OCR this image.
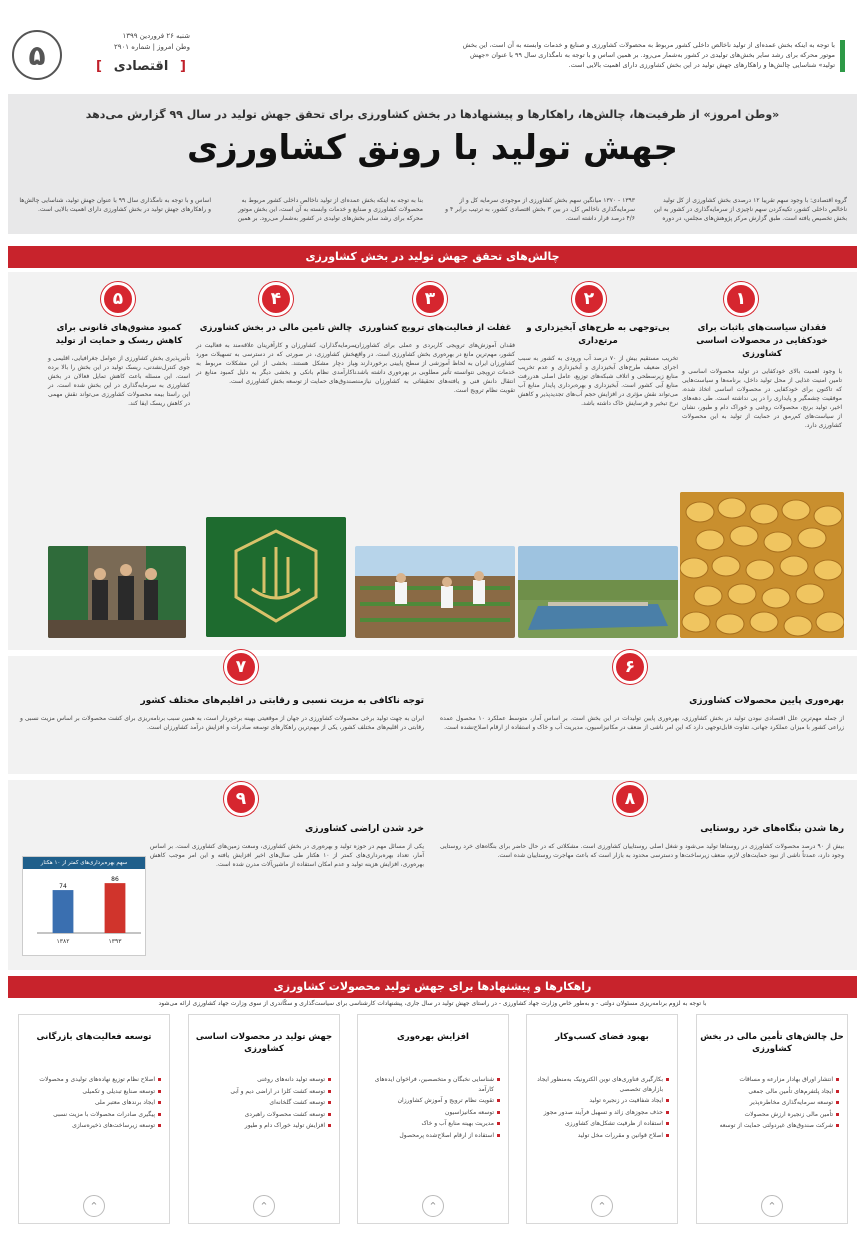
۵
شنبه ۲۶ فروردین ۱۳۹۹
وطن امروز | شماره ۲۹۰۱
[ اقتصادی ]
با توجه به اینکه بخش عمده‌ای از تولید ناخالص داخلی کشور مربوط به محصولات کشاورزی و صنایع و خدمات وابسته به آن است، این بخش موتور محرکه برای رشد سایر بخش‌های تولیدی در کشور به‌شمار می‌رود. بر همین اساس و با توجه به نامگذاری سال ۹۹ با عنوان «جهش تولید» شناسایی چالش‌ها و راهکارهای جهش تولید در این بخش کشاورزی دارای اهمیت بالایی است.
«وطن امروز» از ظرفیت‌ها، چالش‌ها، راهکارها و پیشنهادها در بخش کشاورزی برای تحقق جهش تولید در سال ۹۹ گزارش می‌دهد
جهش تولید با رونق کشاورزی
گروه اقتصادی: با وجود سهم تقریبا ۱۲ درصدی بخش کشاورزی از کل تولید ناخالص داخلی کشور، تکیه‌کردن سهم ناچیزی از سرمایه‌گذاری در کشور به این بخش تخصیص یافته است. طبق گزارش مرکز پژوهش‌های مجلس، در دوره
۱۳۹۳ - ۱۳۷۰ میانگین سهم بخش کشاورزی از موجودی سرمایه کل و از سرمایه‌گذاری ناخالص کل، در بین ۳ بخش اقتصادی کشور، به ترتیب برابر ۴ و ۴/۶ درصد قرار داشته است.
بنا به توجه به اینکه بخش عمده‌ای از تولید ناخالص داخلی کشور مربوط به محصولات کشاورزی و صنایع و خدمات وابسته به آن است، این بخش موتور محرکه برای رشد سایر بخش‌های تولیدی در کشور به‌شمار می‌رود. بر همین
اساس و با توجه به نامگذاری سال ۹۹ با عنوان جهش تولید، شناسایی چالش‌ها و راهکارهای جهش تولید در بخش کشاورزی دارای اهمیت بالایی است.
چالش‌های تحقق جهش تولید در بخش کشاورزی
۱
فقدان سیاست‌های باثبات برای خودکفایی در محصولات اساسی کشاورزی
با وجود اهمیت بالای خودکفایی در تولید محصولات اساسی و تامین امنیت غذایی از محل تولید داخل، برنامه‌ها و سیاست‌هایی که تاکنون برای خودکفایی در محصولات اساسی اتخاذ شده، موفقیت چشمگیر و پایداری را در پی نداشته است. طی دهه‌های اخیر، تولید برنج، محصولات روغنی و خوراک دام و طیور، نشان از سیاست‌های کم‌رمق در حمایت از تولید به این محصولات کشاورزی دارد.
۲
بی‌توجهی به طرح‌های آبخیزداری و مرتع‌داری
تخریب مستقیم بیش از ۷۰ درصد آب ورودی به کشور به سبب اجرای ضعیف طرح‌های آبخیزداری و آبخیزداری و عدم تخریب منابع زیرسطحی و اتلاف شبکه‌های توزیع، عامل اصلی هدررفت منابع آبی کشور است. آبخیزداری و بهره‌برداری پایدار منابع آب می‌تواند نقش مؤثری در افزایش حجم آب‌های تجدیدپذیر و کاهش نرخ تبخیر و فرسایش خاک داشته باشد.
۳
غفلت از فعالیت‌های ترویج کشاورزی
فقدان آموزش‌های ترویجی کاربردی و عملی برای کشاورزان کشور، مهم‌ترین مانع در بهره‌وری بخش کشاورزی است. در واقع کشاورزان ایران به لحاظ آموزشی از سطح پایینی برخوردارند و خدمات ترویجی نتوانسته تأثیر مطلوبی بر بهره‌وری داشته باشد. انتقال دانش فنی و یافته‌های تحقیقاتی به کشاورزان نیازمند تقویت نظام ترویج است.
۴
چالش تامین مالی در بخش کشاورزی
سرمایه‌گذاران، کشاورزان و کارآفرینان علاقه‌مند به فعالیت در بخش کشاورزی، در صورتی که در دسترسی به تسهیلات مورد نیاز دچار مشکل هستند. بخشی از این مشکلات مربوط به ناکارآمدی نظام بانکی و بخشی دیگر به دلیل کمبود منابع در صندوق‌های حمایت از توسعه بخش کشاورزی است.
۵
کمبود مشوق‌های قانونی برای کاهش ریسک و حمایت از تولید
تأثیرپذیری بخش کشاورزی از عوامل جغرافیایی، اقلیمی و جوی کنترل‌نشدنی، ریسک تولید در این بخش را بالا برده است. این مسئله باعث کاهش تمایل فعالان در بخش کشاورزی به سرمایه‌گذاری در این بخش شده است. در این راستا بیمه محصولات کشاورزی می‌تواند نقش مهمی در کاهش ریسک ایفا کند.
۶
بهره‌وری پایین محصولات کشاورزی
از جمله مهم‌ترین علل اقتصادی نبودن تولید در بخش کشاورزی، بهره‌وری پایین تولیدات در این بخش است. بر اساس آمار، متوسط عملکرد ۱۰ محصول عمده زراعی کشور با میزان عملکرد جهانی، تفاوت قابل‌توجهی دارد که این امر ناشی از ضعف در مکانیزاسیون، مدیریت آب و خاک و استفاده از ارقام اصلاح‌نشده است.
۷
توجه ناکافی به مزیت نسبی و رقابتی در اقلیم‌های مختلف کشور
ایران به جهت تولید برخی محصولات کشاورزی در جهان از موقعیتی بهینه برخوردار است، به همین سبب برنامه‌ریزی برای کشت محصولات بر اساس مزیت نسبی و رقابتی در اقلیم‌های مختلف کشور، یکی از مهم‌ترین راهکارهای توسعه صادرات و افزایش درآمد کشاورزان است.
۸
رها شدن بنگاه‌های خرد روستایی
بیش از ۹۰ درصد محصولات کشاورزی در روستاها تولید می‌شود و شغل اصلی روستاییان کشاورزی است. مشکلاتی که در حال حاضر برای بنگاه‌های خرد روستایی وجود دارد، عمدتاً ناشی از نبود حمایت‌های لازم، ضعف زیرساخت‌ها و دسترسی محدود به بازار است که باعث مهاجرت روستاییان شده است.
۹
خرد شدن اراضی کشاورزی
یکی از مسائل مهم در حوزه تولید و بهره‌وری در بخش کشاورزی، وسعت زمین‌های کشاورزی است. بر اساس آمار، تعداد بهره‌برداری‌های کمتر از ۱۰ هکتار طی سال‌های اخیر افزایش یافته و این امر موجب کاهش بهره‌وری، افزایش هزینه تولید و عدم امکان استفاده از ماشین‌آلات مدرن شده است.
سهم بهره‌برداری‌های کمتر از ۱۰ هکتار
۱۳۸۲
74
۱۳۹۳
86
راهکارها و پیشنهادها برای جهش تولید محصولات کشاورزی
با توجه به لزوم برنامه‌ریزی مسئولان دولتی - و به‌طور خاص وزارت جهاد کشاورزی - در راستای جهش تولید در سال جاری، پیشنهادات کارشناسی برای سیاست‌گذاری و سکّاندری از سوی وزارت جهاد کشاورزی ارائه می‌شود
حل چالش‌های تأمین مالی در بخش کشاورزی
انتشار اوراق بهادار مزارعه و مساقات
ایجاد پلتفرم‌های تأمین مالی جمعی
توسعه سرمایه‌گذاری مخاطره‌پذیر
تأمین مالی زنجیره ارزش محصولات
شرکت صندوق‌های غیردولتی حمایت از توسعه
⌃
بهبود فضای کسب‌وکار
بکارگیری فناوری‌های نوین الکترونیک به‌منظور ایجاد بازارهای تخصصی
ایجاد شفافیت در زنجیره تولید
حذف مجوزهای زائد و تسهیل فرآیند صدور مجوز
استفاده از ظرفیت تشکل‌های کشاورزی
اصلاح قوانین و مقررات مخل تولید
⌃
افزایش بهره‌وری
شناسایی نخبگان و متخصصین، فراخوان ایده‌های کارآمد
تقویت نظام ترویج و آموزش کشاورزان
توسعه مکانیزاسیون
مدیریت بهینه منابع آب و خاک
استفاده از ارقام اصلاح‌شده پرمحصول
⌃
جهش تولید در محصولات اساسی کشاورزی
توسعه تولید دانه‌های روغنی
توسعه کشت کلزا در اراضی دیم و آبی
توسعه کشت گلخانه‌ای
توسعه کشت محصولات راهبردی
افزایش تولید خوراک دام و طیور
⌃
توسعه فعالیت‌های بازرگانی
اصلاح نظام توزیع نهاده‌های تولیدی و محصولات
توسعه صنایع تبدیلی و تکمیلی
ایجاد برندهای معتبر ملی
پیگیری صادرات محصولات با مزیت نسبی
توسعه زیرساخت‌های ذخیره‌سازی
⌃
